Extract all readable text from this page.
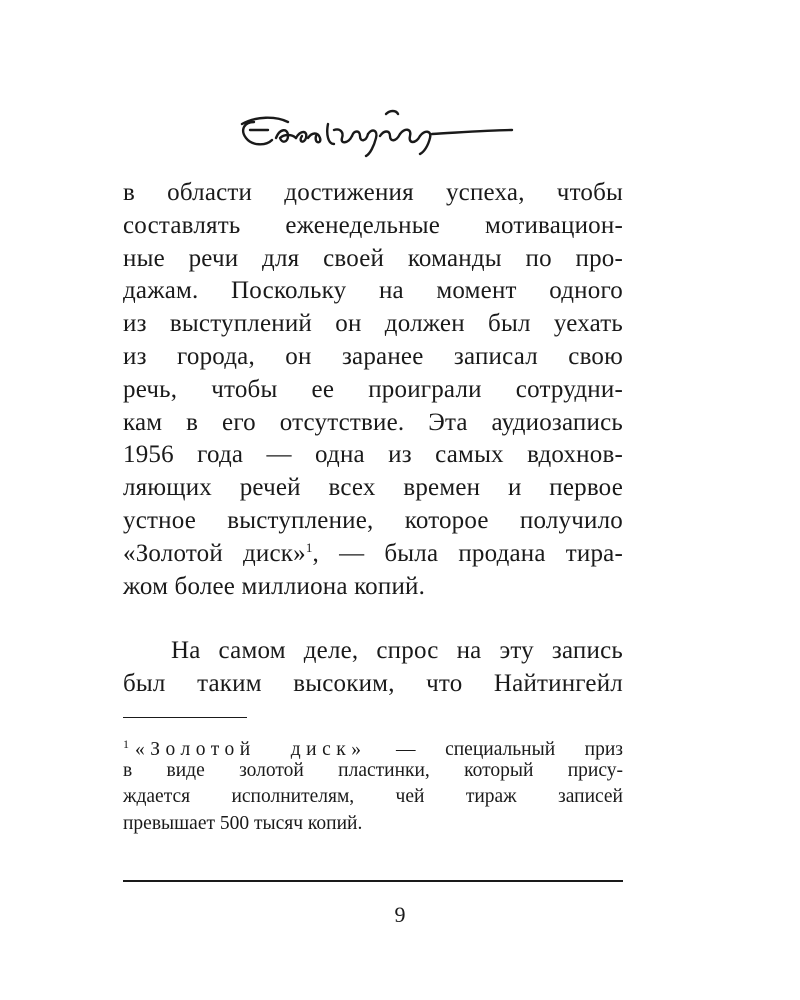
в области достижения успеха, чтобы
составлять еженедельные мотивацион-
ные речи для своей команды по про-
дажам. Поскольку на момент одного
из выступлений он должен был уехать
из города, он заранее записал свою
речь, чтобы ее проиграли сотрудни-
кам в его отсутствие. Эта аудиозапись
1956 года — одна из самых вдохнов-
ляющих речей всех времен и первое
устное выступление, которое получило
«Золотой диск»$^1$, — была продана тира-
жом более миллиона копий.
На самом деле, спрос на эту запись
был таким высоким, что Найтингейл
$^1$ «Золотой диск» — специальный приз
в виде золотой пластинки, который прису-
ждается исполнителям, чей тираж записей
превышает 500 тысяч копий.
9
